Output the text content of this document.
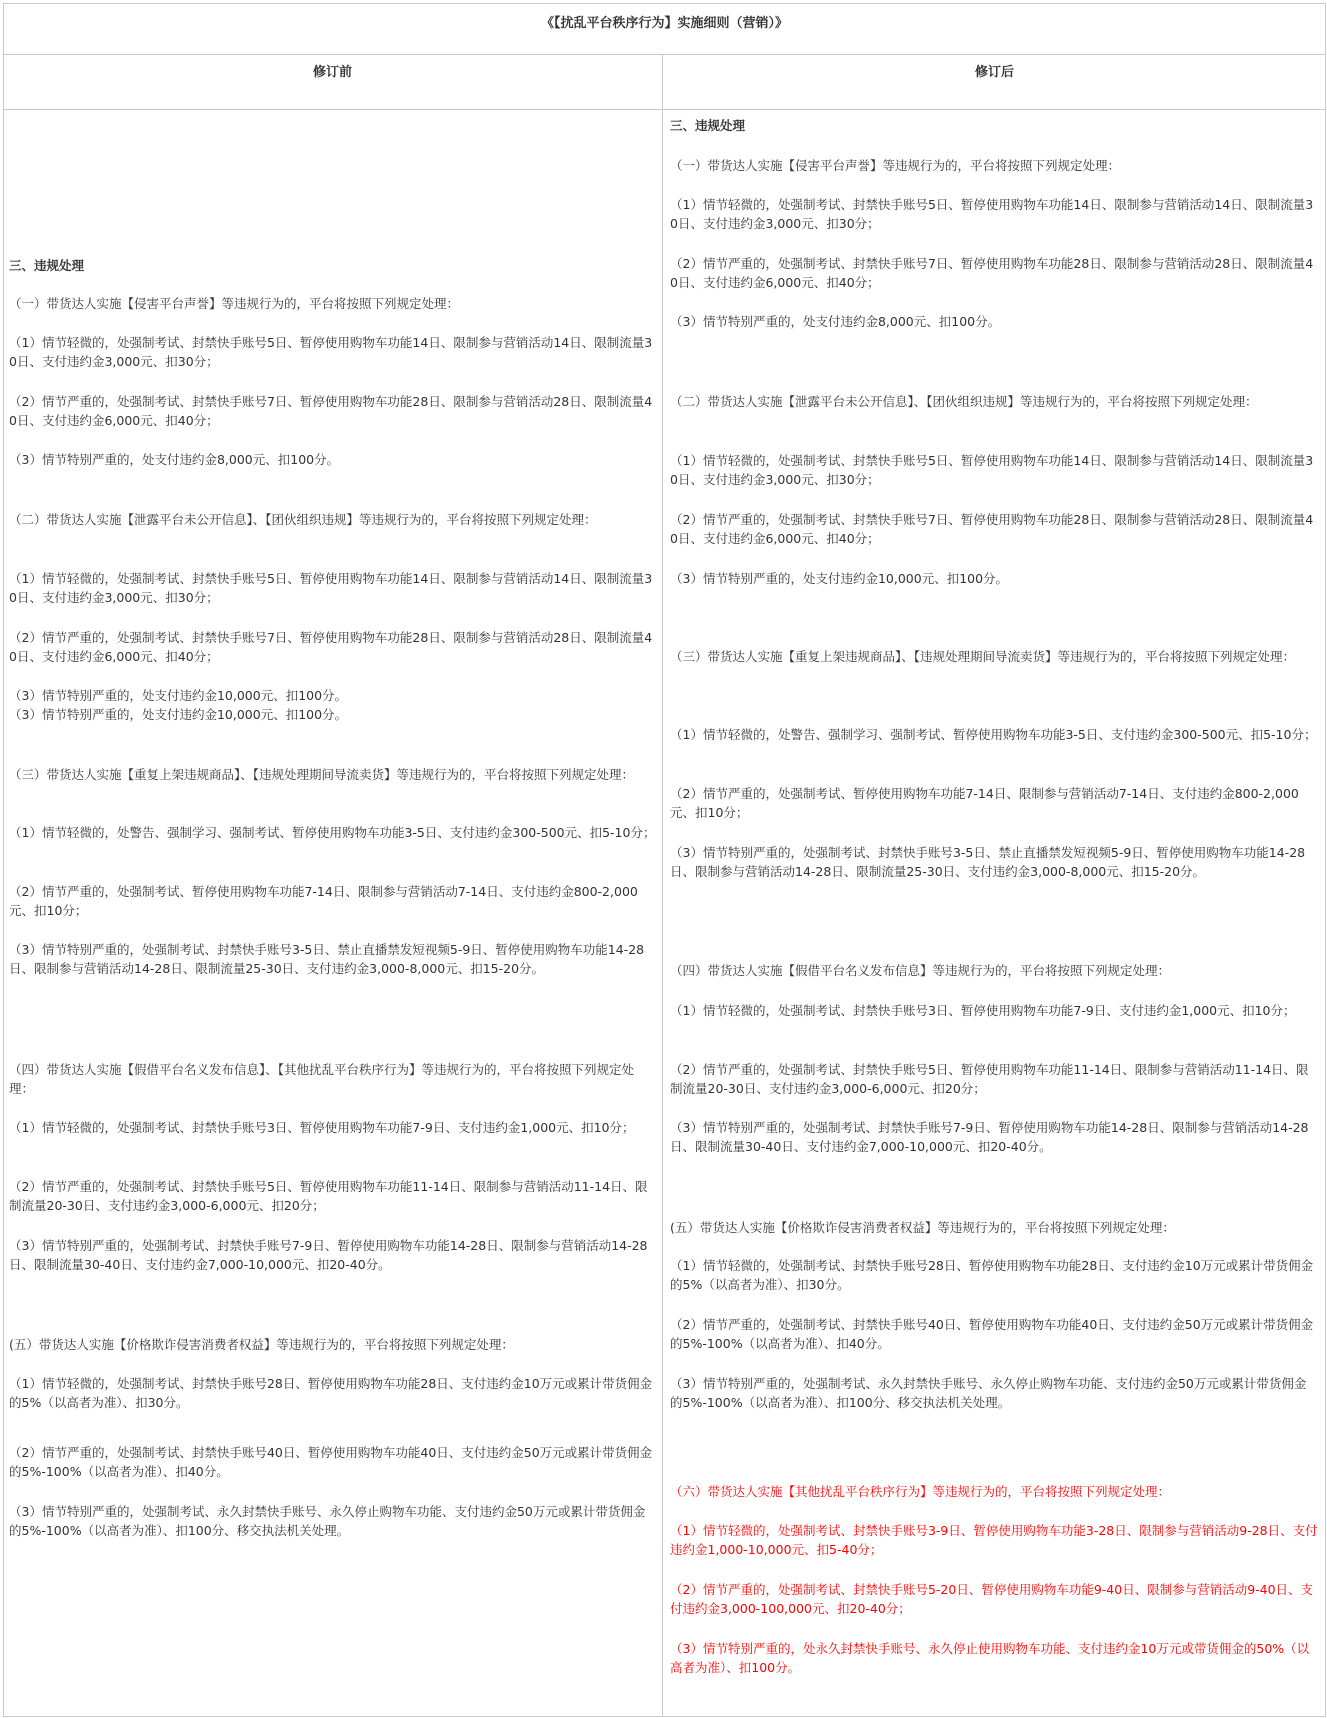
《【扰乱平台秩序行为】实施细则（营销）》
修订前	修订后
三、违规处理
（一）带货达人实施【侵害平台声誉】等违规行为的，平台将按照下列规定处理：
（1）情节轻微的，处强制考试、封禁快手账号5日、暂停使用购物车功能14日、限制参与营销活动14日、限制流量30日、支付违约金3,000元、扣30分；
（2）情节严重的，处强制考试、封禁快手账号7日、暂停使用购物车功能28日、限制参与营销活动28日、限制流量40日、支付违约金6,000元、扣40分；
（3）情节特别严重的，处支付违约金8,000元、扣100分。
（二）带货达人实施【泄露平台未公开信息】、【团伙组织违规】等违规行为的，平台将按照下列规定处理：
（1）情节轻微的，处强制考试、封禁快手账号5日、暂停使用购物车功能14日、限制参与营销活动14日、限制流量30日、支付违约金3,000元、扣30分；
（2）情节严重的，处强制考试、封禁快手账号7日、暂停使用购物车功能28日、限制参与营销活动28日、限制流量40日、支付违约金6,000元、扣40分；
（3）情节特别严重的，处支付违约金10,000元、扣100分。
（3）情节特别严重的，处支付违约金10,000元、扣100分。
（三）带货达人实施【重复上架违规商品】、【违规处理期间导流卖货】等违规行为的，平台将按照下列规定处理：
（1）情节轻微的，处警告、强制学习、强制考试、暂停使用购物车功能3-5日、支付违约金300-500元、扣5-10分；
（2）情节严重的，处强制考试、暂停使用购物车功能7-14日、限制参与营销活动7-14日、支付违约金800-2,000元、扣10分；
（3）情节特别严重的，处强制考试、封禁快手账号3-5日、禁止直播禁发短视频5-9日、暂停使用购物车功能14-28日、限制参与营销活动14-28日、限制流量25-30日、支付违约金3,000-8,000元、扣15-20分。
（四）带货达人实施【假借平台名义发布信息】、【其他扰乱平台秩序行为】等违规行为的，平台将按照下列规定处理：
（1）情节轻微的，处强制考试、封禁快手账号3日、暂停使用购物车功能7-9日、支付违约金1,000元、扣10分；
（2）情节严重的，处强制考试、封禁快手账号5日、暂停使用购物车功能11-14日、限制参与营销活动11-14日、限制流量20-30日、支付违约金3,000-6,000元、扣20分；
（3）情节特别严重的，处强制考试、封禁快手账号7-9日、暂停使用购物车功能14-28日、限制参与营销活动14-28日、限制流量30-40日、支付违约金7,000-10,000元、扣20-40分。
(五）带货达人实施【价格欺诈侵害消费者权益】等违规行为的，平台将按照下列规定处理：
（1）情节轻微的，处强制考试、封禁快手账号28日、暂停使用购物车功能28日、支付违约金10万元或累计带货佣金的5%（以高者为准）、扣30分。
（2）情节严重的，处强制考试、封禁快手账号40日、暂停使用购物车功能40日、支付违约金50万元或累计带货佣金的5%-100%（以高者为准）、扣40分。
（3）情节特别严重的，处强制考试、永久封禁快手账号、永久停止购物车功能、支付违约金50万元或累计带货佣金的5%-100%（以高者为准）、扣100分、移交执法机关处理。
三、违规处理
（一）带货达人实施【侵害平台声誉】等违规行为的，平台将按照下列规定处理：
（1）情节轻微的，处强制考试、封禁快手账号5日、暂停使用购物车功能14日、限制参与营销活动14日、限制流量30日、支付违约金3,000元、扣30分；
（2）情节严重的，处强制考试、封禁快手账号7日、暂停使用购物车功能28日、限制参与营销活动28日、限制流量40日、支付违约金6,000元、扣40分；
（3）情节特别严重的，处支付违约金8,000元、扣100分。
（二）带货达人实施【泄露平台未公开信息】、【团伙组织违规】等违规行为的，平台将按照下列规定处理：
（1）情节轻微的，处强制考试、封禁快手账号5日、暂停使用购物车功能14日、限制参与营销活动14日、限制流量30日、支付违约金3,000元、扣30分；
（2）情节严重的，处强制考试、封禁快手账号7日、暂停使用购物车功能28日、限制参与营销活动28日、限制流量40日、支付违约金6,000元、扣40分；
（3）情节特别严重的，处支付违约金10,000元、扣100分。
（三）带货达人实施【重复上架违规商品】、【违规处理期间导流卖货】等违规行为的，平台将按照下列规定处理：
（1）情节轻微的，处警告、强制学习、强制考试、暂停使用购物车功能3-5日、支付违约金300-500元、扣5-10分；
（2）情节严重的，处强制考试、暂停使用购物车功能7-14日、限制参与营销活动7-14日、支付违约金800-2,000元、扣10分；
（3）情节特别严重的，处强制考试、封禁快手账号3-5日、禁止直播禁发短视频5-9日、暂停使用购物车功能14-28日、限制参与营销活动14-28日、限制流量25-30日、支付违约金3,000-8,000元、扣15-20分。
（四）带货达人实施【假借平台名义发布信息】等违规行为的，平台将按照下列规定处理：
（1）情节轻微的，处强制考试、封禁快手账号3日、暂停使用购物车功能7-9日、支付违约金1,000元、扣10分；
（2）情节严重的，处强制考试、封禁快手账号5日、暂停使用购物车功能11-14日、限制参与营销活动11-14日、限制流量20-30日、支付违约金3,000-6,000元、扣20分；
（3）情节特别严重的，处强制考试、封禁快手账号7-9日、暂停使用购物车功能14-28日、限制参与营销活动14-28日、限制流量30-40日、支付违约金7,000-10,000元、扣20-40分。
(五）带货达人实施【价格欺诈侵害消费者权益】等违规行为的，平台将按照下列规定处理：
（1）情节轻微的，处强制考试、封禁快手账号28日、暂停使用购物车功能28日、支付违约金10万元或累计带货佣金的5%（以高者为准）、扣30分。
（2）情节严重的，处强制考试、封禁快手账号40日、暂停使用购物车功能40日、支付违约金50万元或累计带货佣金的5%-100%（以高者为准）、扣40分。
（3）情节特别严重的，处强制考试、永久封禁快手账号、永久停止购物车功能、支付违约金50万元或累计带货佣金的5%-100%（以高者为准）、扣100分、移交执法机关处理。
（六）带货达人实施【其他扰乱平台秩序行为】等违规行为的，平台将按照下列规定处理：
（1）情节轻微的，处强制考试、封禁快手账号3-9日、暂停使用购物车功能3-28日、限制参与营销活动9-28日、支付违约金1,000-10,000元、扣5-40分；
（2）情节严重的，处强制考试、封禁快手账号5-20日、暂停使用购物车功能9-40日、限制参与营销活动9-40日、支付违约金3,000-100,000元、扣20-40分；
（3）情节特别严重的，处永久封禁快手账号、永久停止使用购物车功能、支付违约金10万元或带货佣金的50%（以高者为准）、扣100分。
